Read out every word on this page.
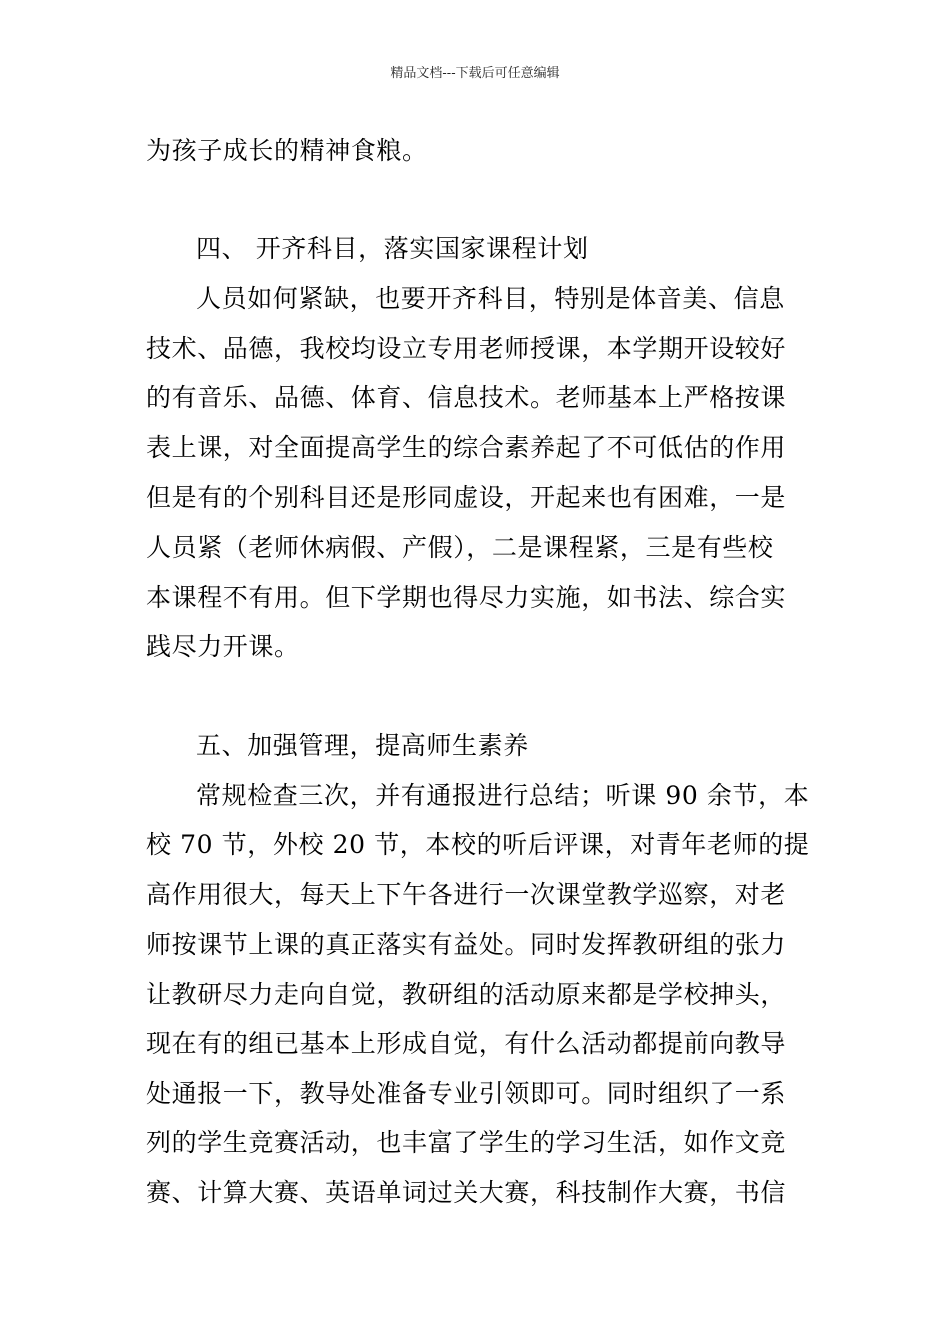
精品文档---下载后可任意编辑
为孩子成长的精神食粮。
四、 开齐科目，落实国家课程计划
人员如何紧缺，也要开齐科目，特别是体音美、信息
技术、品德，我校均设立专用老师授课，本学期开设较好
的有音乐、品德、体育、信息技术。老师基本上严格按课
表上课，对全面提高学生的综合素养起了不可低估的作用
但是有的个别科目还是形同虚设，开起来也有困难，一是
人员紧（老师休病假、产假），二是课程紧，三是有些校
本课程不有用。但下学期也得尽力实施，如书法、综合实
践尽力开课。
五、加强管理，提高师生素养
常规检查三次，并有通报进行总结；听课 90 余节，本
校 70 节，外校 20 节，本校的听后评课，对青年老师的提
高作用很大，每天上下午各进行一次课堂教学巡察，对老
师按课节上课的真正落实有益处。同时发挥教研组的张力
让教研尽力走向自觉，教研组的活动原来都是学校抻头，
现在有的组已基本上形成自觉，有什么活动都提前向教导
处通报一下，教导处准备专业引领即可。同时组织了一系
列的学生竞赛活动，也丰富了学生的学习生活，如作文竞
赛、计算大赛、英语单词过关大赛，科技制作大赛，书信
